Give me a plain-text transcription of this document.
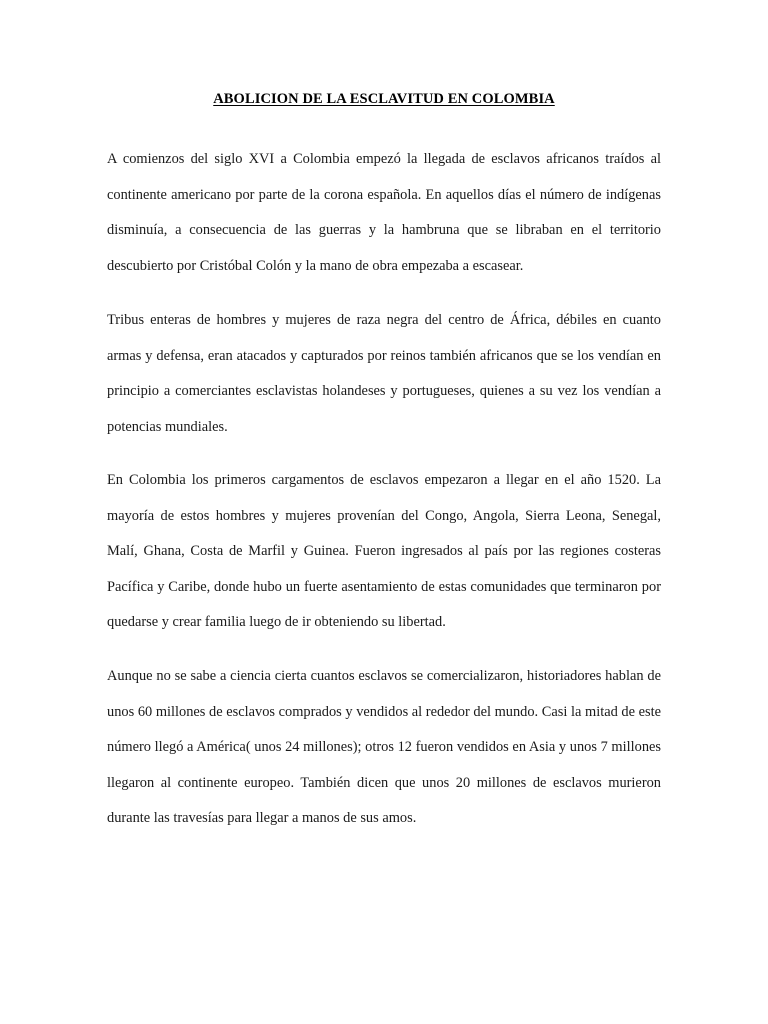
ABOLICION DE LA ESCLAVITUD EN COLOMBIA

A comienzos del siglo XVI a Colombia empezó la llegada de esclavos africanos traídos al continente americano por parte de la corona española. En aquellos días el número de indígenas disminuía, a consecuencia de las guerras y la hambruna que se libraban en el territorio descubierto por Cristóbal Colón y la mano de obra empezaba a escasear.

Tribus enteras de hombres y mujeres de raza negra del centro de África, débiles en cuanto armas y defensa, eran atacados y capturados por reinos también africanos que se los vendían en principio a comerciantes esclavistas holandeses y portugueses, quienes a su vez los vendían a potencias mundiales.

En Colombia los primeros cargamentos de esclavos empezaron a llegar en el año 1520. La mayoría de estos hombres y mujeres provenían del Congo, Angola, Sierra Leona, Senegal, Malí, Ghana, Costa de Marfil y Guinea. Fueron ingresados al país por las regiones costeras Pacífica y Caribe, donde hubo un fuerte asentamiento de estas comunidades que terminaron por quedarse y crear familia luego de ir obteniendo su libertad.

Aunque no se sabe a ciencia cierta cuantos esclavos se comercializaron, historiadores hablan de unos 60 millones de esclavos comprados y vendidos al rededor del mundo. Casi la mitad de este número llegó a América( unos 24 millones); otros 12 fueron vendidos en Asia y unos 7 millones llegaron al continente europeo. También dicen que unos 20 millones de esclavos murieron durante las travesías para llegar a manos de sus amos.
